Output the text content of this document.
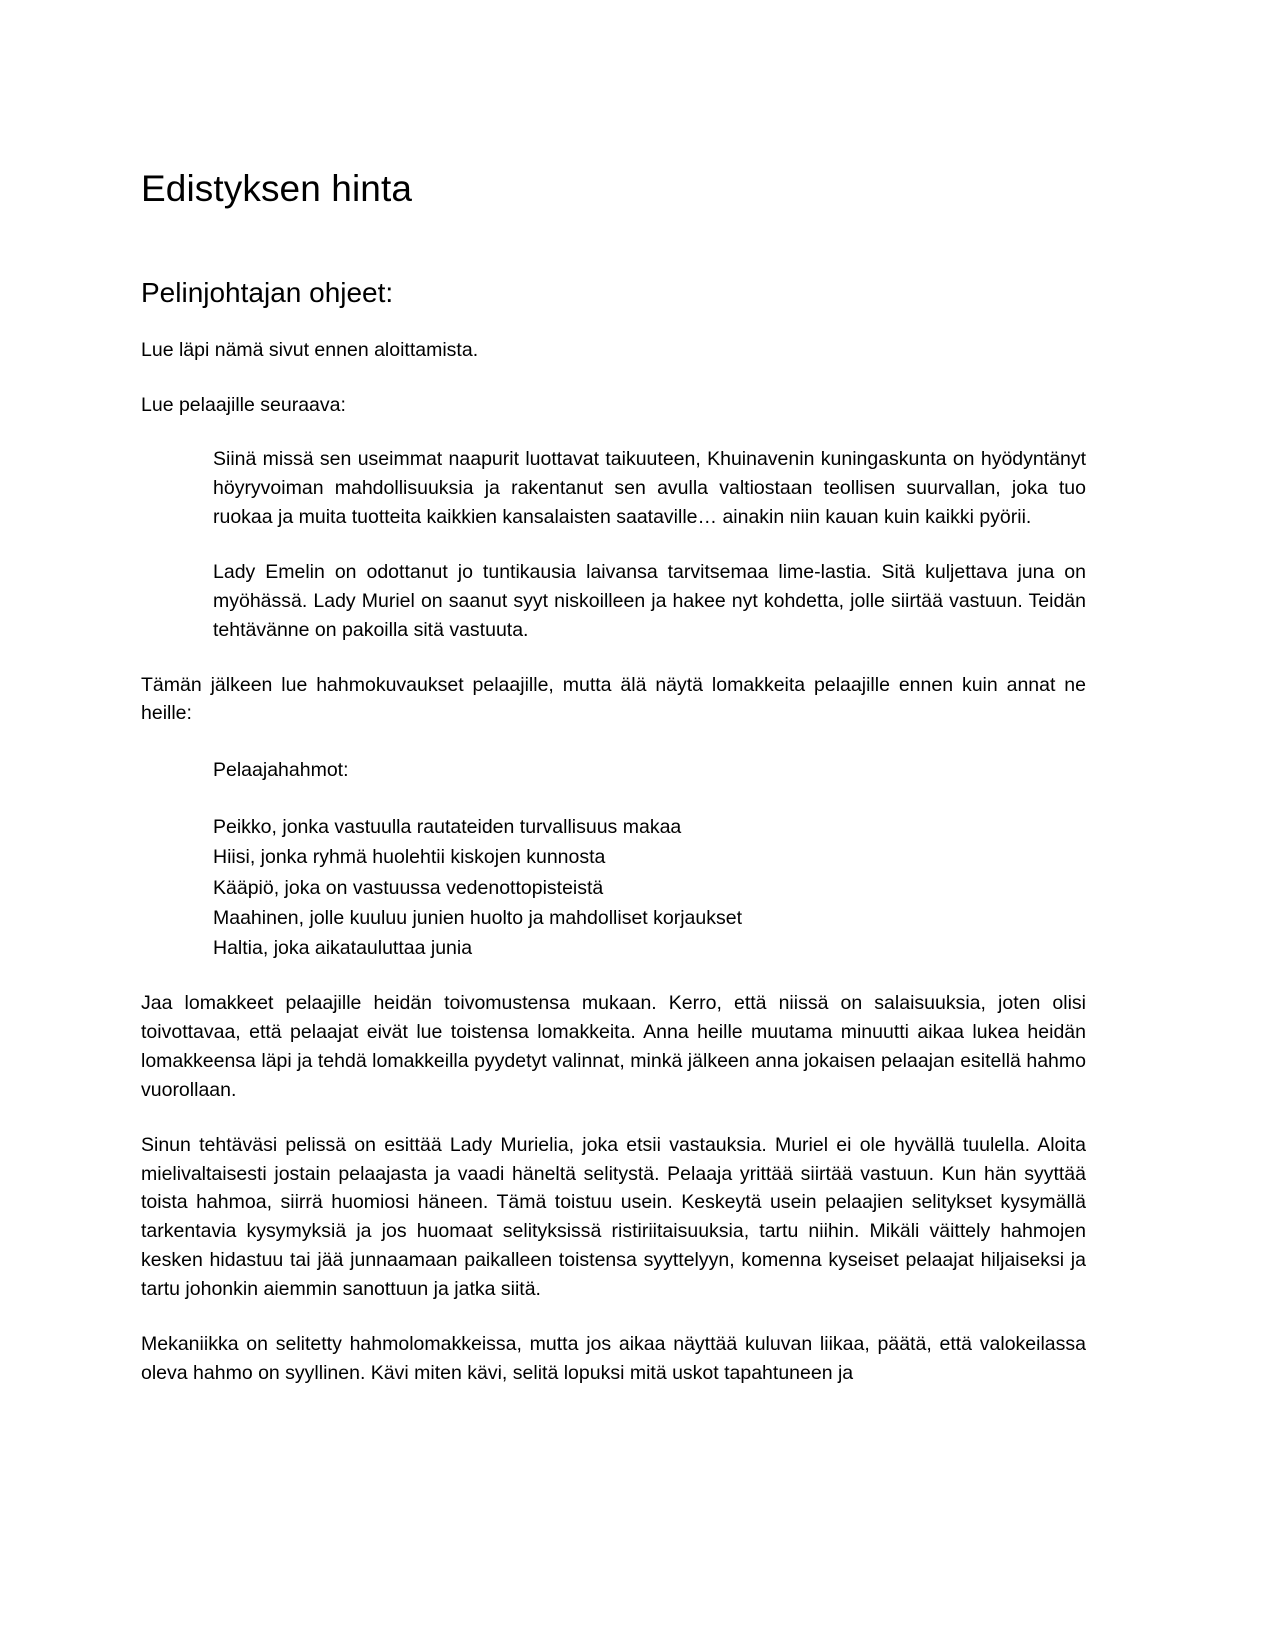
Edistyksen hinta
Pelinjohtajan ohjeet:

Lue läpi nämä sivut ennen aloittamista.

Lue pelaajille seuraava:

Siinä missä sen useimmat naapurit luottavat taikuuteen, Khuinavenin kuningaskunta on hyödyntänyt höyryvoiman mahdollisuuksia ja rakentanut sen avulla valtiostaan teollisen suurvallan, joka tuo ruokaa ja muita tuotteita kaikkien kansalaisten saataville… ainakin niin kauan kuin kaikki pyörii.

Lady Emelin on odottanut jo tuntikausia laivansa tarvitsemaa lime-lastia. Sitä kuljettava juna on myöhässä. Lady Muriel on saanut syyt niskoilleen ja hakee nyt kohdetta, jolle siirtää vastuun. Teidän tehtävänne on pakoilla sitä vastuuta.

Tämän jälkeen lue hahmokuvaukset pelaajille, mutta älä näytä lomakkeita pelaajille ennen kuin annat ne heille:

Pelaajahahmot:

Peikko, jonka vastuulla rautateiden turvallisuus makaa
Hiisi, jonka ryhmä huolehtii kiskojen kunnosta
Kääpiö, joka on vastuussa vedenottopisteistä
Maahinen, jolle kuuluu junien huolto ja mahdolliset korjaukset
Haltia, joka aikatauluttaa junia

Jaa lomakkeet pelaajille heidän toivomustensa mukaan. Kerro, että niissä on salaisuuksia, joten olisi toivottavaa, että pelaajat eivät lue toistensa lomakkeita. Anna heille muutama minuutti aikaa lukea heidän lomakkeensa läpi ja tehdä lomakkeilla pyydetyt valinnat, minkä jälkeen anna jokaisen pelaajan esitellä hahmo vuorollaan.

Sinun tehtäväsi pelissä on esittää Lady Murielia, joka etsii vastauksia. Muriel ei ole hyvällä tuulella. Aloita mielivaltaisesti jostain pelaajasta ja vaadi häneltä selitystä. Pelaaja yrittää siirtää vastuun. Kun hän syyttää toista hahmoa, siirrä huomiosi häneen. Tämä toistuu usein. Keskeytä usein pelaajien selitykset kysymällä tarkentavia kysymyksiä ja jos huomaat selityksissä ristiriitaisuuksia, tartu niihin. Mikäli väittely hahmojen kesken hidastuu tai jää junnaamaan paikalleen toistensa syyttelyyn, komenna kyseiset pelaajat hiljaiseksi ja tartu johonkin aiemmin sanottuun ja jatka siitä.

Mekaniikka on selitetty hahmolomakkeissa, mutta jos aikaa näyttää kuluvan liikaa, päätä, että valokeilassa oleva hahmo on syyllinen. Kävi miten kävi, selitä lopuksi mitä uskot tapahtuneen ja
